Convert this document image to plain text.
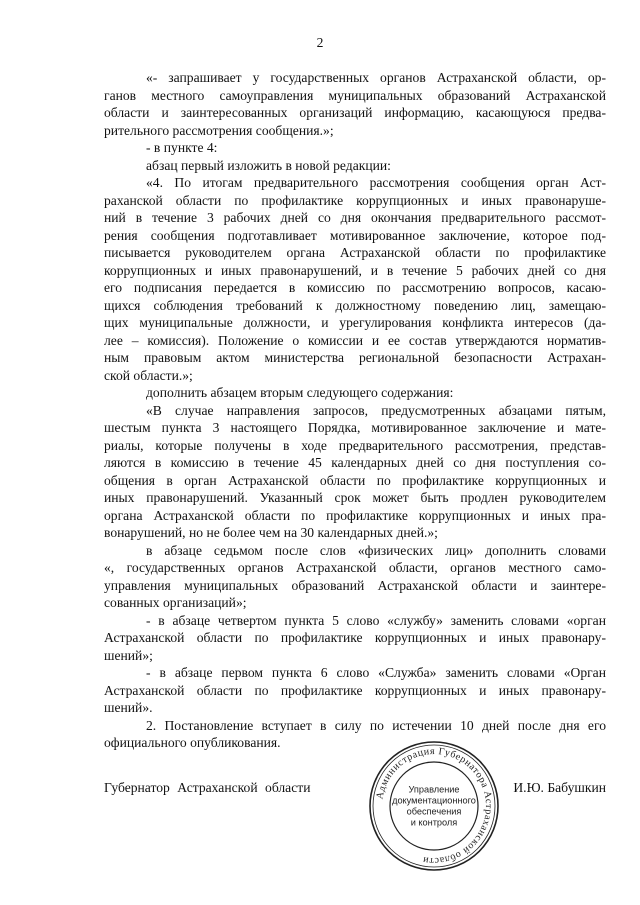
2
«- запрашивает у государственных органов Астраханской области, ор-
ганов местного самоуправления муниципальных образований Астраханской
области и заинтересованных организаций информацию, касающуюся предва-
рительного рассмотрения сообщения.»;
- в пункте 4:
абзац первый изложить в новой редакции:
«4. По итогам предварительного рассмотрения сообщения орган Аст-
раханской области по профилактике коррупционных и иных правонаруше-
ний в течение 3 рабочих дней со дня окончания предварительного рассмот-
рения сообщения подготавливает мотивированное заключение, которое под-
писывается руководителем органа Астраханской области по профилактике
коррупционных и иных правонарушений, и в течение 5 рабочих дней со дня
его подписания передается в комиссию по рассмотрению вопросов, касаю-
щихся соблюдения требований к должностному поведению лиц, замещаю-
щих муниципальные должности, и урегулирования конфликта интересов (да-
лее – комиссия). Положение о комиссии и ее состав утверждаются норматив-
ным правовым актом министерства региональной безопасности Астрахан-
ской области.»;
дополнить абзацем вторым следующего содержания:
«В случае направления запросов, предусмотренных абзацами пятым,
шестым пункта 3 настоящего Порядка, мотивированное заключение и мате-
риалы, которые получены в ходе предварительного рассмотрения, представ-
ляются в комиссию в течение 45 календарных дней со дня поступления со-
общения в орган Астраханской области по профилактике коррупционных и
иных правонарушений. Указанный срок может быть продлен руководителем
органа Астраханской области по профилактике коррупционных и иных пра-
вонарушений, но не более чем на 30 календарных дней.»;
в абзаце седьмом после слов «физических лиц» дополнить словами
«, государственных органов Астраханской области, органов местного само-
управления муниципальных образований Астраханской области и заинтере-
сованных организаций»;
- в абзаце четвертом пункта 5 слово «службу» заменить словами «орган
Астраханской области по профилактике коррупционных и иных правонару-
шений»;
- в абзаце первом пункта 6 слово «Служба» заменить словами «Орган
Астраханской области по профилактике коррупционных и иных правонару-
шений».
2. Постановление вступает в силу по истечении 10 дней после дня его
официального опубликования.
Губернатор Астраханской области	И.Ю. Бабушкин
Администрация Губернатора Астраханской области
Управление
документационного
обеспечения
и контроля
